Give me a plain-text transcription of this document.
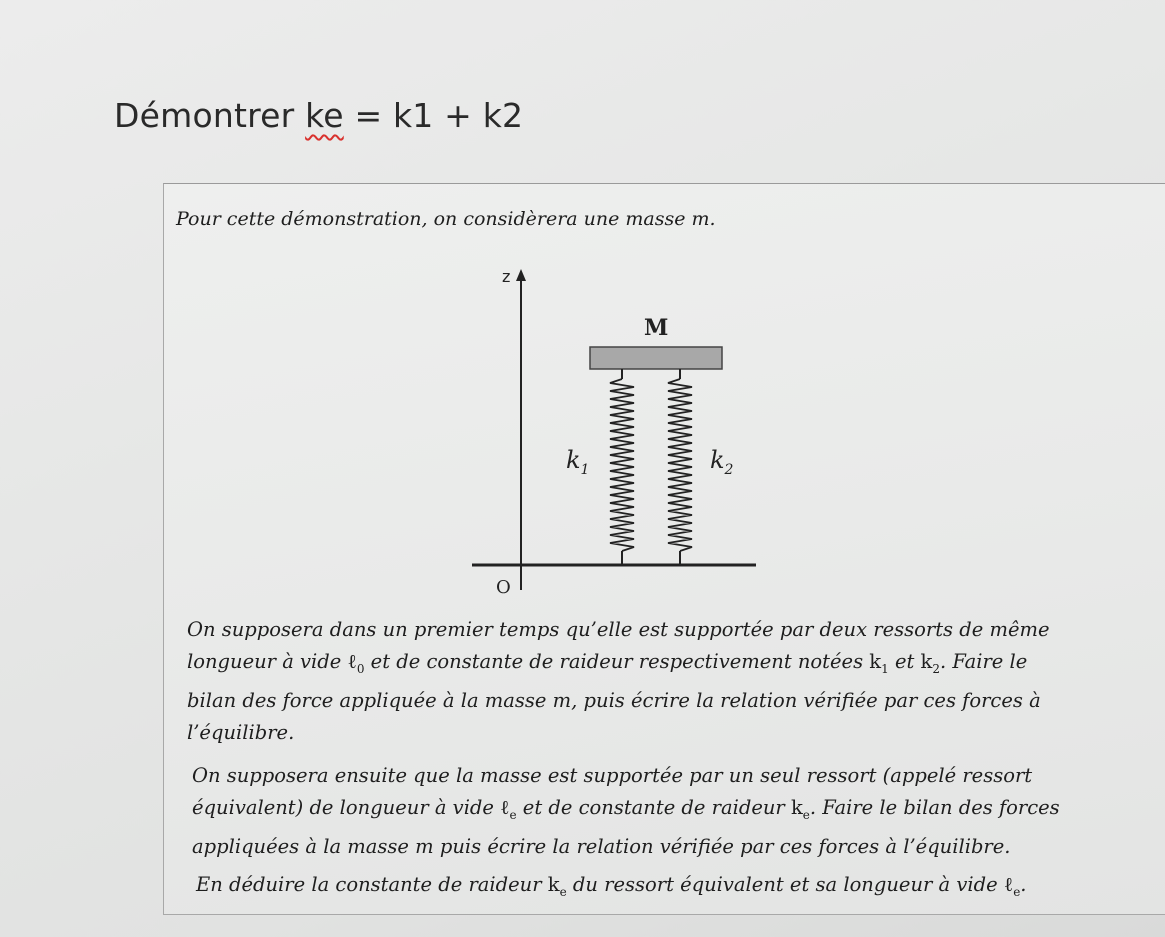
Démontrer ke = k1 + k2
Pour cette démonstration, on considèrera une masse m.
z
O
M
$k_1$	$k_2$
On supposera dans un premier temps qu’elle est supportée par deux ressorts de même
longueur à vide ℓ$_0$ et de constante de raideur respectivement notées $k_1$ et $k_2$. Faire le
bilan des force appliquée à la masse m, puis écrire la relation vérifiée par ces forces à
l’équilibre.
On supposera ensuite que la masse est supportée par un seul ressort (appelé ressort
équivalent) de longueur à vide ℓ$_e$ et de constante de raideur $k_e$. Faire le bilan des forces
appliquées à la masse m puis écrire la relation vérifiée par ces forces à l’équilibre.
En déduire la constante de raideur $k_e$ du ressort équivalent et sa longueur à vide ℓ$_e$.
